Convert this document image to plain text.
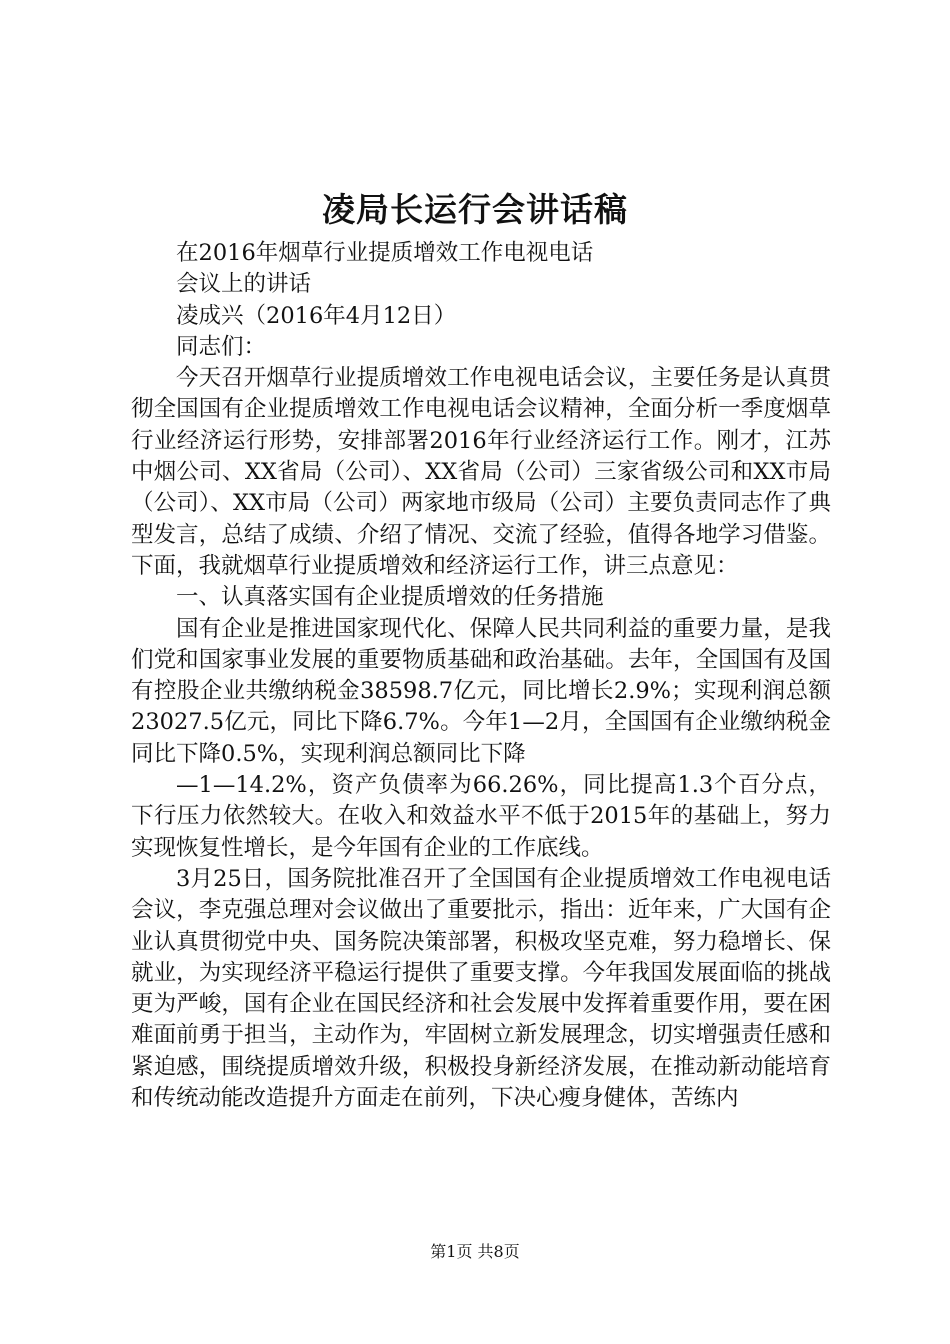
凌局长运行会讲话稿

在2016年烟草行业提质增效工作电视电话

会议上的讲话

凌成兴（2016年4月12日）

同志们：

今天召开烟草行业提质增效工作电视电话会议，主要任务是认真贯彻全国国有企业提质增效工作电视电话会议精神，全面分析一季度烟草行业经济运行形势，安排部署2016年行业经济运行工作。刚才，江苏中烟公司、XX省局（公司）、XX省局（公司）三家省级公司和XX市局（公司）、XX市局（公司）两家地市级局（公司）主要负责同志作了典型发言，总结了成绩、介绍了情况、交流了经验，值得各地学习借鉴。下面，我就烟草行业提质增效和经济运行工作，讲三点意见：

一、认真落实国有企业提质增效的任务措施

国有企业是推进国家现代化、保障人民共同利益的重要力量，是我们党和国家事业发展的重要物质基础和政治基础。去年，全国国有及国有控股企业共缴纳税金38598.7亿元，同比增长2.9%；实现利润总额23027.5亿元，同比下降6.7%。今年1—2月，全国国有企业缴纳税金同比下降0.5%，实现利润总额同比下降

—1—14.2%，资产负债率为66.26%，同比提高1.3个百分点，下行压力依然较大。在收入和效益水平不低于2015年的基础上，努力实现恢复性增长，是今年国有企业的工作底线。

3月25日，国务院批准召开了全国国有企业提质增效工作电视电话会议，李克强总理对会议做出了重要批示，指出：近年来，广大国有企业认真贯彻党中央、国务院决策部署，积极攻坚克难，努力稳增长、保就业，为实现经济平稳运行提供了重要支撑。今年我国发展面临的挑战更为严峻，国有企业在国民经济和社会发展中发挥着重要作用，要在困难面前勇于担当，主动作为，牢固树立新发展理念，切实增强责任感和紧迫感，围绕提质增效升级，积极投身新经济发展，在推动新动能培育和传统动能改造提升方面走在前列，下决心瘦身健体，苦练内

第1页 共8页
